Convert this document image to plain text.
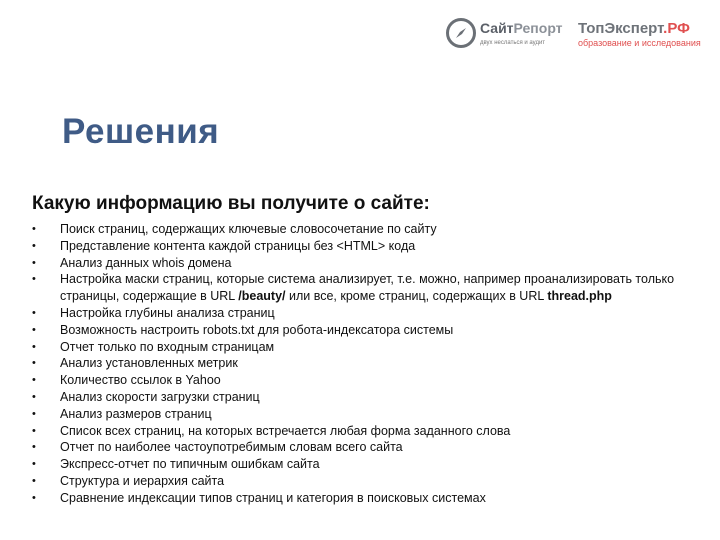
СайтРепорт
двух неслаться и аудит
ТопЭксперт.РФ
образование и исследования
Решения
Какую информацию вы получите о сайте:
• Поиск страниц, содержащих ключевые словосочетание по сайту
• Представление контента каждой страницы без <HTML> кода
• Анализ данных whois домена
• Настройка маски страниц, которые система анализирует, т.е. можно, например проанализировать только страницы, содержащие в URL /beauty/ или все, кроме страниц, содержащих в URL thread.php
• Настройка глубины анализа страниц
• Возможность настроить robots.txt для робота-индексатора системы
• Отчет только по входным страницам
• Анализ установленных метрик
• Количество ссылок в Yahoo
• Анализ скорости загрузки страниц
• Анализ размеров страниц
• Список всех страниц, на которых встречается любая форма заданного слова
• Отчет по наиболее частоупотребимым словам всего сайта
• Экспресс-отчет по типичным ошибкам сайта
• Структура и иерархия сайта
• Сравнение индексации типов страниц и категория в поисковых системах
